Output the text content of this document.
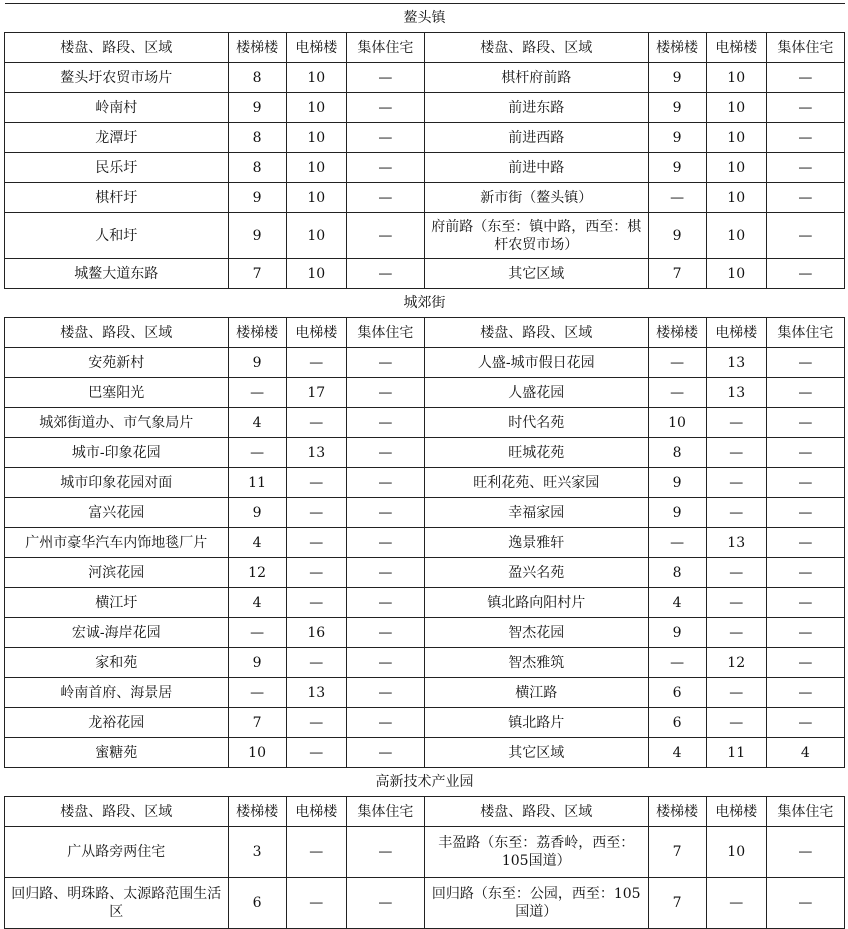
鳌头镇							
楼盘、路段、区域	楼梯楼	电梯楼	集体住宅	楼盘、路段、区域	楼梯楼	电梯楼	集体住宅
鳌头圩农贸市场片	8	10	—	棋杆府前路	9	10	—
岭南村	9	10	—	前进东路	9	10	—
龙潭圩	8	10	—	前进西路	9	10	—
民乐圩	8	10	—	前进中路	9	10	—
棋杆圩	9	10	—	新市街（鳌头镇）	—	10	—
人和圩	9	10	—	府前路（东至：镇中路，西至：棋杆农贸市场）	9	10	—
城鳌大道东路	7	10	—	其它区域	7	10	—
城郊街							
楼盘、路段、区域	楼梯楼	电梯楼	集体住宅	楼盘、路段、区域	楼梯楼	电梯楼	集体住宅
安苑新村	9	—	—	人盛-城市假日花园	—	13	—
巴塞阳光	—	17	—	人盛花园	—	13	—
城郊街道办、市气象局片	4	—	—	时代名苑	10	—	—
城市-印象花园	—	13	—	旺城花苑	8	—	—
城市印象花园对面	11	—	—	旺利花苑、旺兴家园	9	—	—
富兴花园	9	—	—	幸福家园	9	—	—
广州市豪华汽车内饰地毯厂片	4	—	—	逸景雅轩	—	13	—
河滨花园	12	—	—	盈兴名苑	8	—	—
横江圩	4	—	—	镇北路向阳村片	4	—	—
宏诚-海岸花园	—	16	—	智杰花园	9	—	—
家和苑	9	—	—	智杰雅筑	—	12	—
岭南首府、海景居	—	13	—	横江路	6	—	—
龙裕花园	7	—	—	镇北路片	6	—	—
蜜糖苑	10	—	—	其它区域	4	11	4
高新技术产业园							
楼盘、路段、区域	楼梯楼	电梯楼	集体住宅	楼盘、路段、区域	楼梯楼	电梯楼	集体住宅
广从路旁两住宅	3	—	—	丰盈路（东至：荔香岭，西至：105国道）	7	10	—
回归路、明珠路、太源路范围生活区	6	—	—	回归路（东至：公园，西至：105国道）	7	—	—
